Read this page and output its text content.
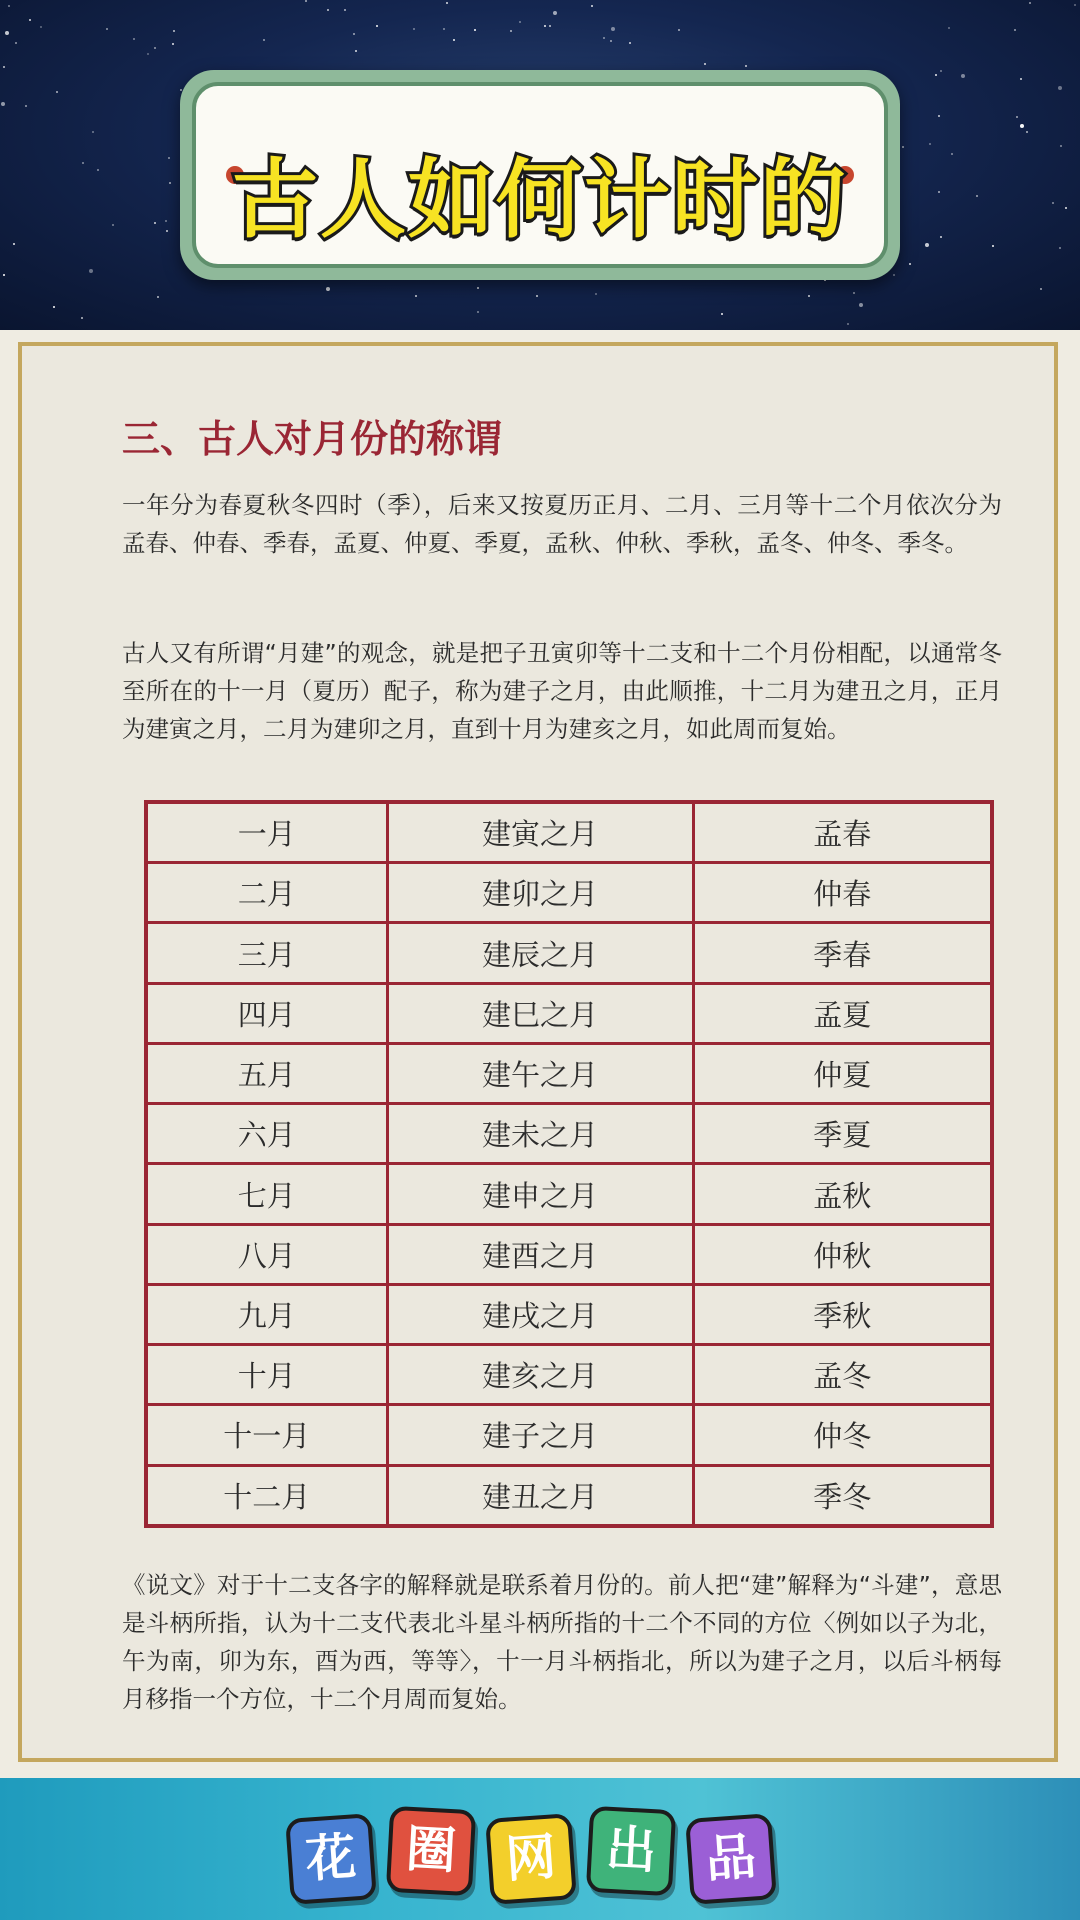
古人如何计时的
三、古人对月份的称谓
一年分为春夏秋冬四时（季），后来又按夏历正月、二月、三月等十二个月依次分为孟春、仲春、季春，孟夏、仲夏、季夏，孟秋、仲秋、季秋，孟冬、仲冬、季冬。
古人又有所谓“月建”的观念，就是把子丑寅卯等十二支和十二个月份相配，以通常冬至所在的十一月（夏历）配子，称为建子之月，由此顺推，十二月为建丑之月，正月为建寅之月，二月为建卯之月，直到十月为建亥之月，如此周而复始。
一月	建寅之月	孟春
二月	建卯之月	仲春
三月	建辰之月	季春
四月	建巳之月	孟夏
五月	建午之月	仲夏
六月	建未之月	季夏
七月	建申之月	孟秋
八月	建酉之月	仲秋
九月	建戌之月	季秋
十月	建亥之月	孟冬
十一月	建子之月	仲冬
十二月	建丑之月	季冬
《说文》对于十二支各字的解释就是联系着月份的。前人把“建”解释为“斗建”，意思是斗柄所指，认为十二支代表北斗星斗柄所指的十二个不同的方位〈例如以子为北，午为南，卯为东，酉为西，等等〉，十一月斗柄指北，所以为建子之月，以后斗柄每月移指一个方位，十二个月周而复始。
花 圈 网 出 品
